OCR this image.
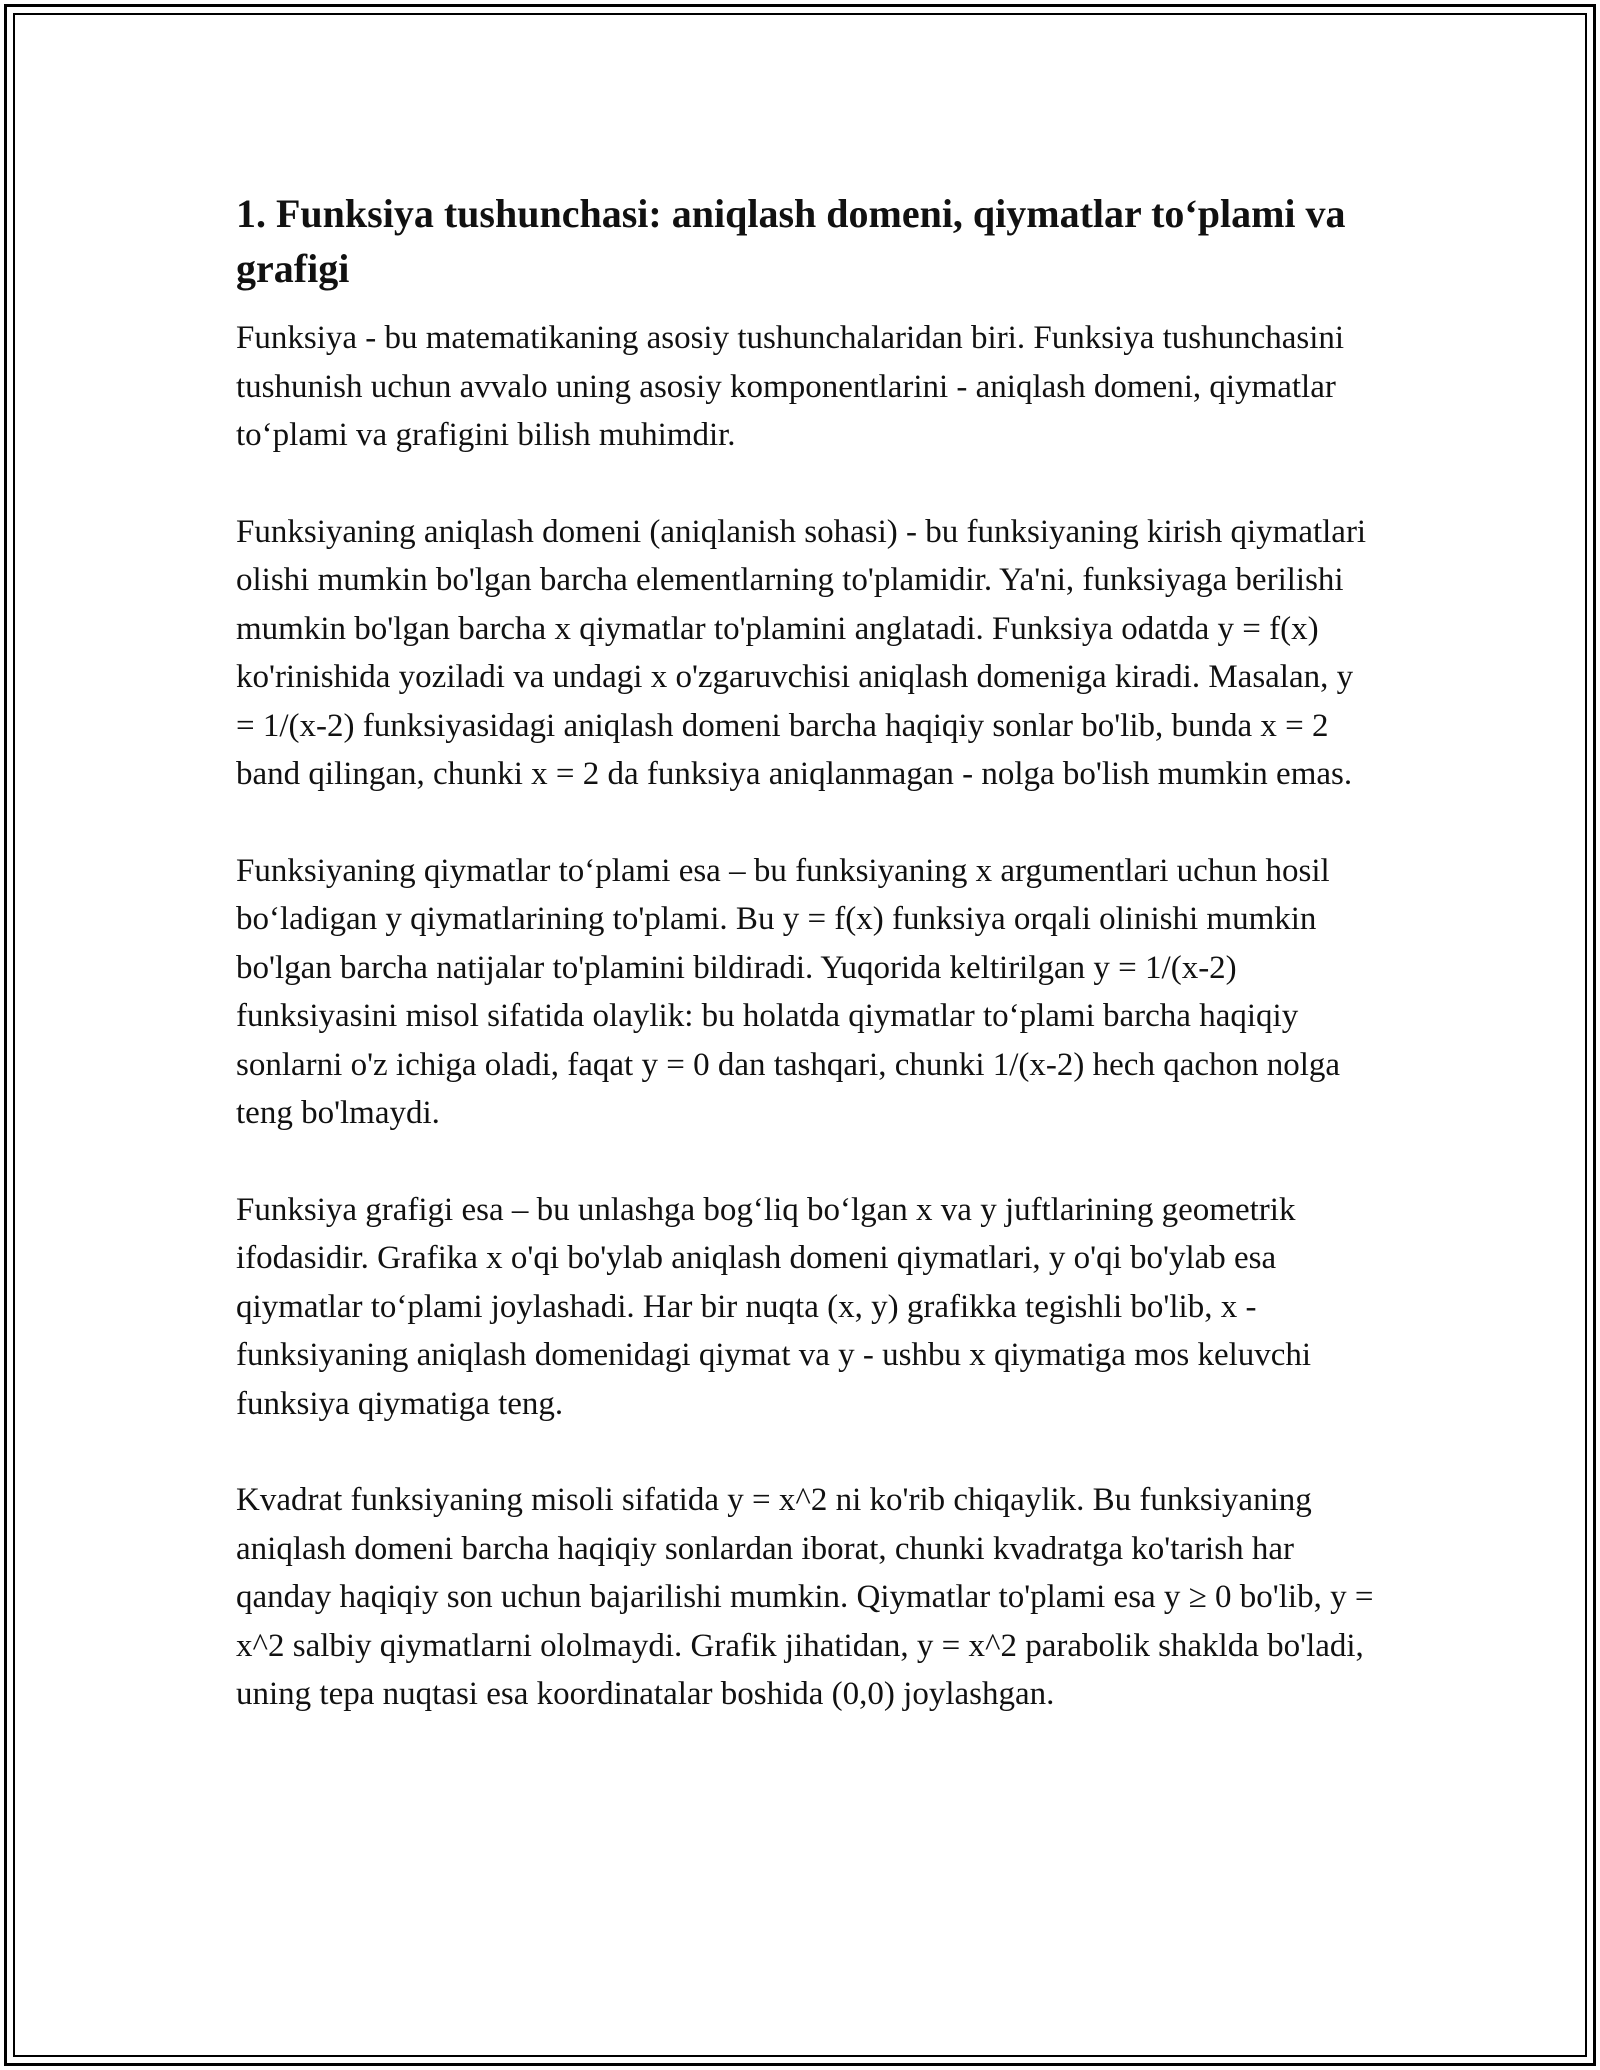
1. Funksiya tushunchasi: aniqlash domeni, qiymatlar to‘plami va grafigi

Funksiya - bu matematikaning asosiy tushunchalaridan biri. Funksiya tushunchasini tushunish uchun avvalo uning asosiy komponentlarini - aniqlash domeni, qiymatlar to‘plami va grafigini bilish muhimdir.

Funksiyaning aniqlash domeni (aniqlanish sohasi) - bu funksiyaning kirish qiymatlari olishi mumkin bo'lgan barcha elementlarning to'plamidir. Ya'ni, funksiyaga berilishi mumkin bo'lgan barcha x qiymatlar to'plamini anglatadi. Funksiya odatda y = f(x) ko'rinishida yoziladi va undagi x o'zgaruvchisi aniqlash domeniga kiradi. Masalan, y = 1/(x-2) funksiyasidagi aniqlash domeni barcha haqiqiy sonlar bo'lib, bunda x = 2 band qilingan, chunki x = 2 da funksiya aniqlanmagan - nolga bo'lish mumkin emas.

Funksiyaning qiymatlar to‘plami esa – bu funksiyaning x argumentlari uchun hosil bo‘ladigan y qiymatlarining to'plami. Bu y = f(x) funksiya orqali olinishi mumkin bo'lgan barcha natijalar to'plamini bildiradi. Yuqorida keltirilgan y = 1/(x-2) funksiyasini misol sifatida olaylik: bu holatda qiymatlar to‘plami barcha haqiqiy sonlarni o'z ichiga oladi, faqat y = 0 dan tashqari, chunki 1/(x-2) hech qachon nolga teng bo'lmaydi.

Funksiya grafigi esa – bu unlashga bog‘liq bo‘lgan x va y juftlarining geometrik ifodasidir. Grafika x o'qi bo'ylab aniqlash domeni qiymatlari, y o'qi bo'ylab esa qiymatlar to‘plami joylashadi. Har bir nuqta (x, y) grafikka tegishli bo'lib, x - funksiyaning aniqlash domenidagi qiymat va y - ushbu x qiymatiga mos keluvchi funksiya qiymatiga teng.

Kvadrat funksiyaning misoli sifatida y = x^2 ni ko'rib chiqaylik. Bu funksiyaning aniqlash domeni barcha haqiqiy sonlardan iborat, chunki kvadratga ko'tarish har qanday haqiqiy son uchun bajarilishi mumkin. Qiymatlar to'plami esa y ≥ 0 bo'lib, y = x^2 salbiy qiymatlarni ololmaydi. Grafik jihatidan, y = x^2 parabolik shaklda bo'ladi, uning tepa nuqtasi esa koordinatalar boshida (0,0) joylashgan.
